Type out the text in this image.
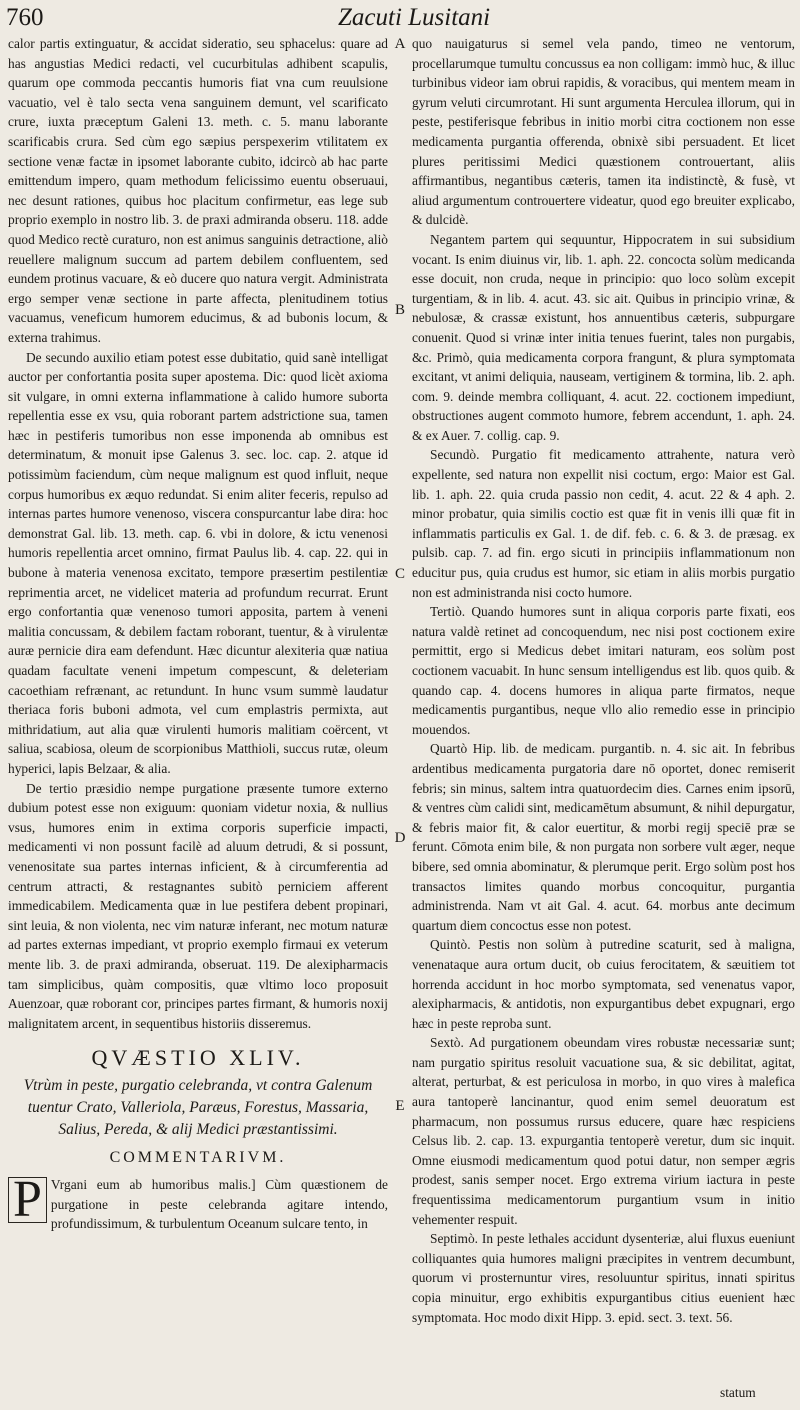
760	Zacuti Lusitani
A
B
C
D
E

calor partis extinguatur, & accidat sideratio, seu sphacelus: quare ad has angustias Medici redacti, vel cucurbitulas adhibent scapulis, quarum ope commoda peccantis humoris fiat vna cum reuulsione vacuatio, vel è talo secta vena sanguinem demunt, vel scarificato crure, iuxta præceptum Galeni 13. meth. c. 5. manu laborante scarificabis crura. Sed cùm ego sæpius perspexerim vtilitatem ex sectione venæ factæ in ipsomet laborante cubito, idcircò ab hac parte emittendum impero, quam methodum felicissimo euentu obseruaui, nec desunt rationes, quibus hoc placitum confirmetur, eas lege sub proprio exemplo in nostro lib. 3. de praxi admiranda obseru. 118. adde quod Medico rectè curaturo, non est animus sanguinis detractione, aliò reuellere malignum succum ad partem debilem confluentem, sed eundem protinus vacuare, & eò ducere quo natura vergit. Administrata ergo semper venæ sectione in parte affecta, plenitudinem totius vacuamus, veneficum humorem educimus, & ad bubonis locum, & externa trahimus.

De secundo auxilio etiam potest esse dubitatio, quid sanè intelligat auctor per confortantia posita super apostema. Dic: quod licèt axioma sit vulgare, in omni externa inflammatione à calido humore suborta repellentia esse ex vsu, quia roborant partem adstrictione sua, tamen hæc in pestiferis tumoribus non esse imponenda ab omnibus est determinatum, & monuit ipse Galenus 3. sec. loc. cap. 2. atque id potissimùm faciendum, cùm neque malignum est quod influit, neque corpus humoribus ex æquo redundat. Si enim aliter feceris, repulso ad internas partes humore venenoso, viscera conspurcantur labe dira: hoc demonstrat Gal. lib. 13. meth. cap. 6. vbi in dolore, & ictu venenosi humoris repellentia arcet omnino, firmat Paulus lib. 4. cap. 22. qui in bubone à materia venenosa excitato, tempore præsertim pestilentiæ reprimentia arcet, ne videlicet materia ad profundum recurrat. Erunt ergo confortantia quæ venenoso tumori apposita, partem à veneni malitia concussam, & debilem factam roborant, tuentur, & à virulentæ auræ pernicie dira eam defendunt. Hæc dicuntur alexiteria quæ natiua quadam facultate veneni impetum compescunt, & deleteriam cacoethiam refrænant, ac retundunt. In hunc vsum summè laudatur theriaca foris buboni admota, vel cum emplastris permixta, aut mithridatium, aut alia quæ virulenti humoris malitiam coërcent, vt saliua, scabiosa, oleum de scorpionibus Matthioli, succus rutæ, oleum hyperici, lapis Belzaar, & alia.

De tertio præsidio nempe purgatione præsente tumore externo dubium potest esse non exiguum: quoniam videtur noxia, & nullius vsus, humores enim in extima corporis superficie impacti, medicamenti vi non possunt facilè ad aluum detrudi, & si possunt, venenositate sua partes internas inficient, & à circumferentia ad centrum attracti, & restagnantes subitò perniciem afferent immedicabilem. Medicamenta quæ in lue pestifera debent propinari, sint leuia, & non violenta, nec vim naturæ inferant, nec motum naturæ ad partes externas impediant, vt proprio exemplo firmaui ex veterum mente lib. 3. de praxi admiranda, obseruat. 119. De alexipharmacis tam simplicibus, quàm compositis, quæ vltimo loco proposuit Auenzoar, quæ roborant cor, principes partes firmant, & humoris noxij malignitatem arcent, in sequentibus historiis disseremus.

QVÆSTIO XLIV.
Vtrùm in peste, purgatio celebranda, vt contra Galenum tuentur Crato, Valleriola, Paræus, Forestus, Massaria, Salius, Pereda, & alij Medici præstantissimi.
COMMENTARIVM.

P Vrgani eum ab humoribus malis.] Cùm quæstionem de purgatione in peste celebranda agitare intendo, profundissimum, & turbulentum Oceanum sulcare tento, in

quo nauigaturus si semel vela pando, timeo ne ventorum, procellarumque tumultu concussus ea non colligam: immò huc, & illuc turbinibus videor iam obrui rapidis, & voracibus, qui mentem meam in gyrum veluti circumrotant. Hi sunt argumenta Herculea illorum, qui in peste, pestiferisque febribus in initio morbi citra coctionem non esse medicamenta purgantia offerenda, obnixè sibi persuadent. Et licet plures peritissimi Medici quæstionem controuertant, aliis affirmantibus, negantibus cæteris, tamen ita indistinctè, & fusè, vt aliud argumentum controuertere videatur, quod ego breuiter explicabo, & dulcidè.

Negantem partem qui sequuntur, Hippocratem in sui subsidium vocant. Is enim diuinus vir, lib. 1. aph. 22. concocta solùm medicanda esse docuit, non cruda, neque in principio: quo loco solùm excepit turgentiam, & in lib. 4. acut. 43. sic ait. Quibus in principio vrinæ, & nebulosæ, & crassæ existunt, hos annuentibus cæteris, subpurgare conuenit. Quod si vrinæ inter initia tenues fuerint, tales non purgabis, &c. Primò, quia medicamenta corpora frangunt, & plura symptomata excitant, vt animi deliquia, nauseam, vertiginem & tormina, lib. 2. aph. com. 9. deinde membra colliquant, 4. acut. 22. coctionem impediunt, obstructiones augent commoto humore, febrem accendunt, 1. aph. 24. & ex Auer. 7. collig. cap. 9.

Secundò. Purgatio fit medicamento attrahente, natura verò expellente, sed natura non expellit nisi coctum, ergo: Maior est Gal. lib. 1. aph. 22. quia cruda passio non cedit, 4. acut. 22 & 4 aph. 2. minor probatur, quia similis coctio est quæ fit in venis illi quæ fit in inflammatis particulis ex Gal. 1. de dif. feb. c. 6. & 3. de præsag. ex pulsib. cap. 7. ad fin. ergo sicuti in principiis inflammationum non educitur pus, quia crudus est humor, sic etiam in aliis morbis purgatio non est administranda nisi cocto humore.

Tertiò. Quando humores sunt in aliqua corporis parte fixati, eos natura valdè retinet ad concoquendum, nec nisi post coctionem exire permittit, ergo si Medicus debet imitari naturam, eos solùm post coctionem vacuabit. In hunc sensum intelligendus est lib. quos quib. & quando cap. 4. docens humores in aliqua parte firmatos, neque medicamentis purgantibus, neque vllo alio remedio esse in principio mouendos.

Quartò Hip. lib. de medicam. purgantib. n. 4. sic ait. In febribus ardentibus medicamenta purgatoria dare nō oportet, donec remiserit febris; sin minus, saltem intra quatuordecim dies. Carnes enim ipsorū, & ventres cùm calidi sint, medicamētum absumunt, & nihil depurgatur, & febris maior fit, & calor euertitur, & morbi regij speciē præ se ferunt. Cōmota enim bile, & non purgata non sorbere vult æger, neque bibere, sed omnia abominatur, & plerumque perit. Ergo solùm post hos transactos limites quando morbus concoquitur, purgantia administrenda. Nam vt ait Gal. 4. acut. 64. morbus ante decimum quartum diem concoctus esse non potest.

Quintò. Pestis non solùm à putredine scaturit, sed à maligna, venenataque aura ortum ducit, ob cuius ferocitatem, & sæuitiem tot horrenda accidunt in hoc morbo symptomata, sed venenatus vapor, alexipharmacis, & antidotis, non expurgantibus debet expugnari, ergo hæc in peste reproba sunt.

Sextò. Ad purgationem obeundam vires robustæ necessariæ sunt; nam purgatio spiritus resoluit vacuatione sua, & sic debilitat, agitat, alterat, perturbat, & est periculosa in morbo, in quo vires à malefica aura tantoperè lancinantur, quod enim semel deuoratum est pharmacum, non possumus rursus educere, quare hæc respiciens Celsus lib. 2. cap. 13. expurgantia tentoperè veretur, dum sic inquit. Omne eiusmodi medicamentum quod potui datur, non semper ægris prodest, sanis semper nocet. Ergo extrema virium iactura in peste frequentissima medicamentorum purgantium vsum in initio vehementer respuit.

Septimò. In peste lethales accidunt dysenteriæ, alui fluxus eueniunt colliquantes quia humores maligni præcipites in ventrem decumbunt, quorum vi prosternuntur vires, resoluuntur spiritus, innati spiritus copia minuitur, ergo exhibitis expurgantibus citius euenient hæc symptomata. Hoc modo dixit Hipp. 3. epid. sect. 3. text. 56.

statum
